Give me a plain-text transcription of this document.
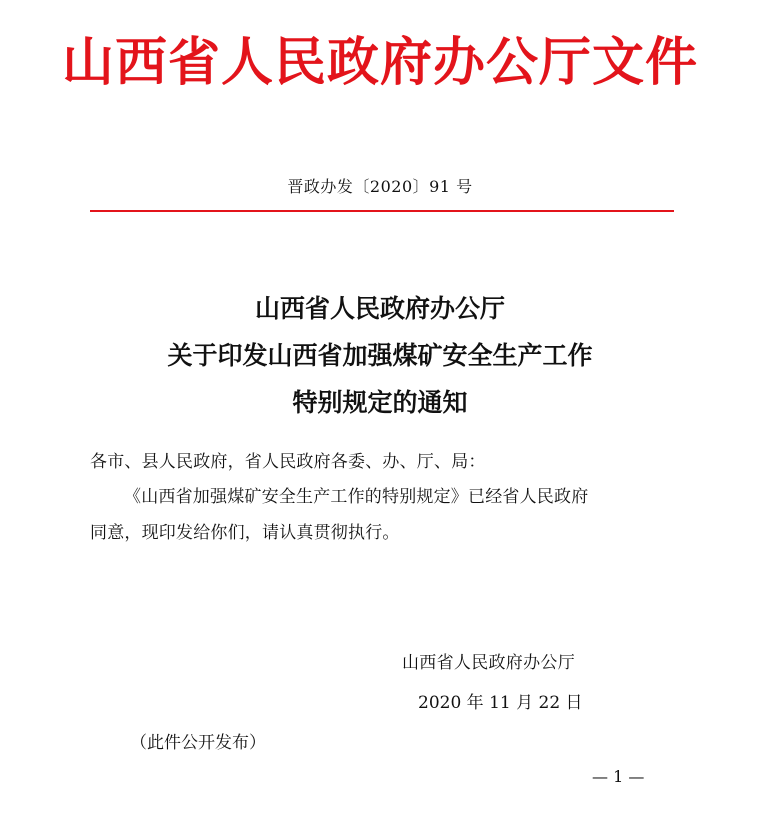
山西省人民政府办公厅文件
晋政办发〔2020〕91 号
山西省人民政府办公厅
关于印发山西省加强煤矿安全生产工作
特别规定的通知
各市、县人民政府，省人民政府各委、办、厅、局：
《山西省加强煤矿安全生产工作的特别规定》已经省人民政府
同意，现印发给你们，请认真贯彻执行。
山西省人民政府办公厅
2020 年 11 月 22 日
（此件公开发布）
— 1 —
